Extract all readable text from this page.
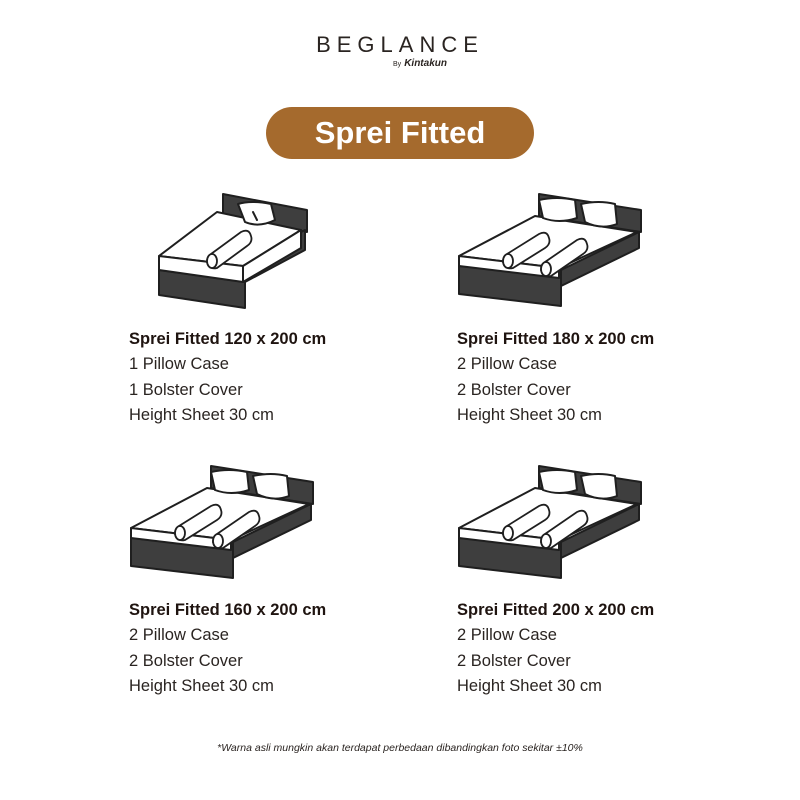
BEGLANCE
By Kintakun
Sprei Fitted
Sprei Fitted 120 x 200 cm
1 Pillow Case
1 Bolster Cover
Height Sheet 30 cm
Sprei Fitted 180 x 200 cm
2 Pillow Case
2 Bolster Cover
Height Sheet 30 cm
Sprei Fitted 160 x 200 cm
2 Pillow Case
2 Bolster Cover
Height Sheet 30 cm
Sprei Fitted 200 x 200 cm
2 Pillow Case
2 Bolster Cover
Height Sheet 30 cm
*Warna asli mungkin akan terdapat perbedaan dibandingkan foto sekitar ±10%
